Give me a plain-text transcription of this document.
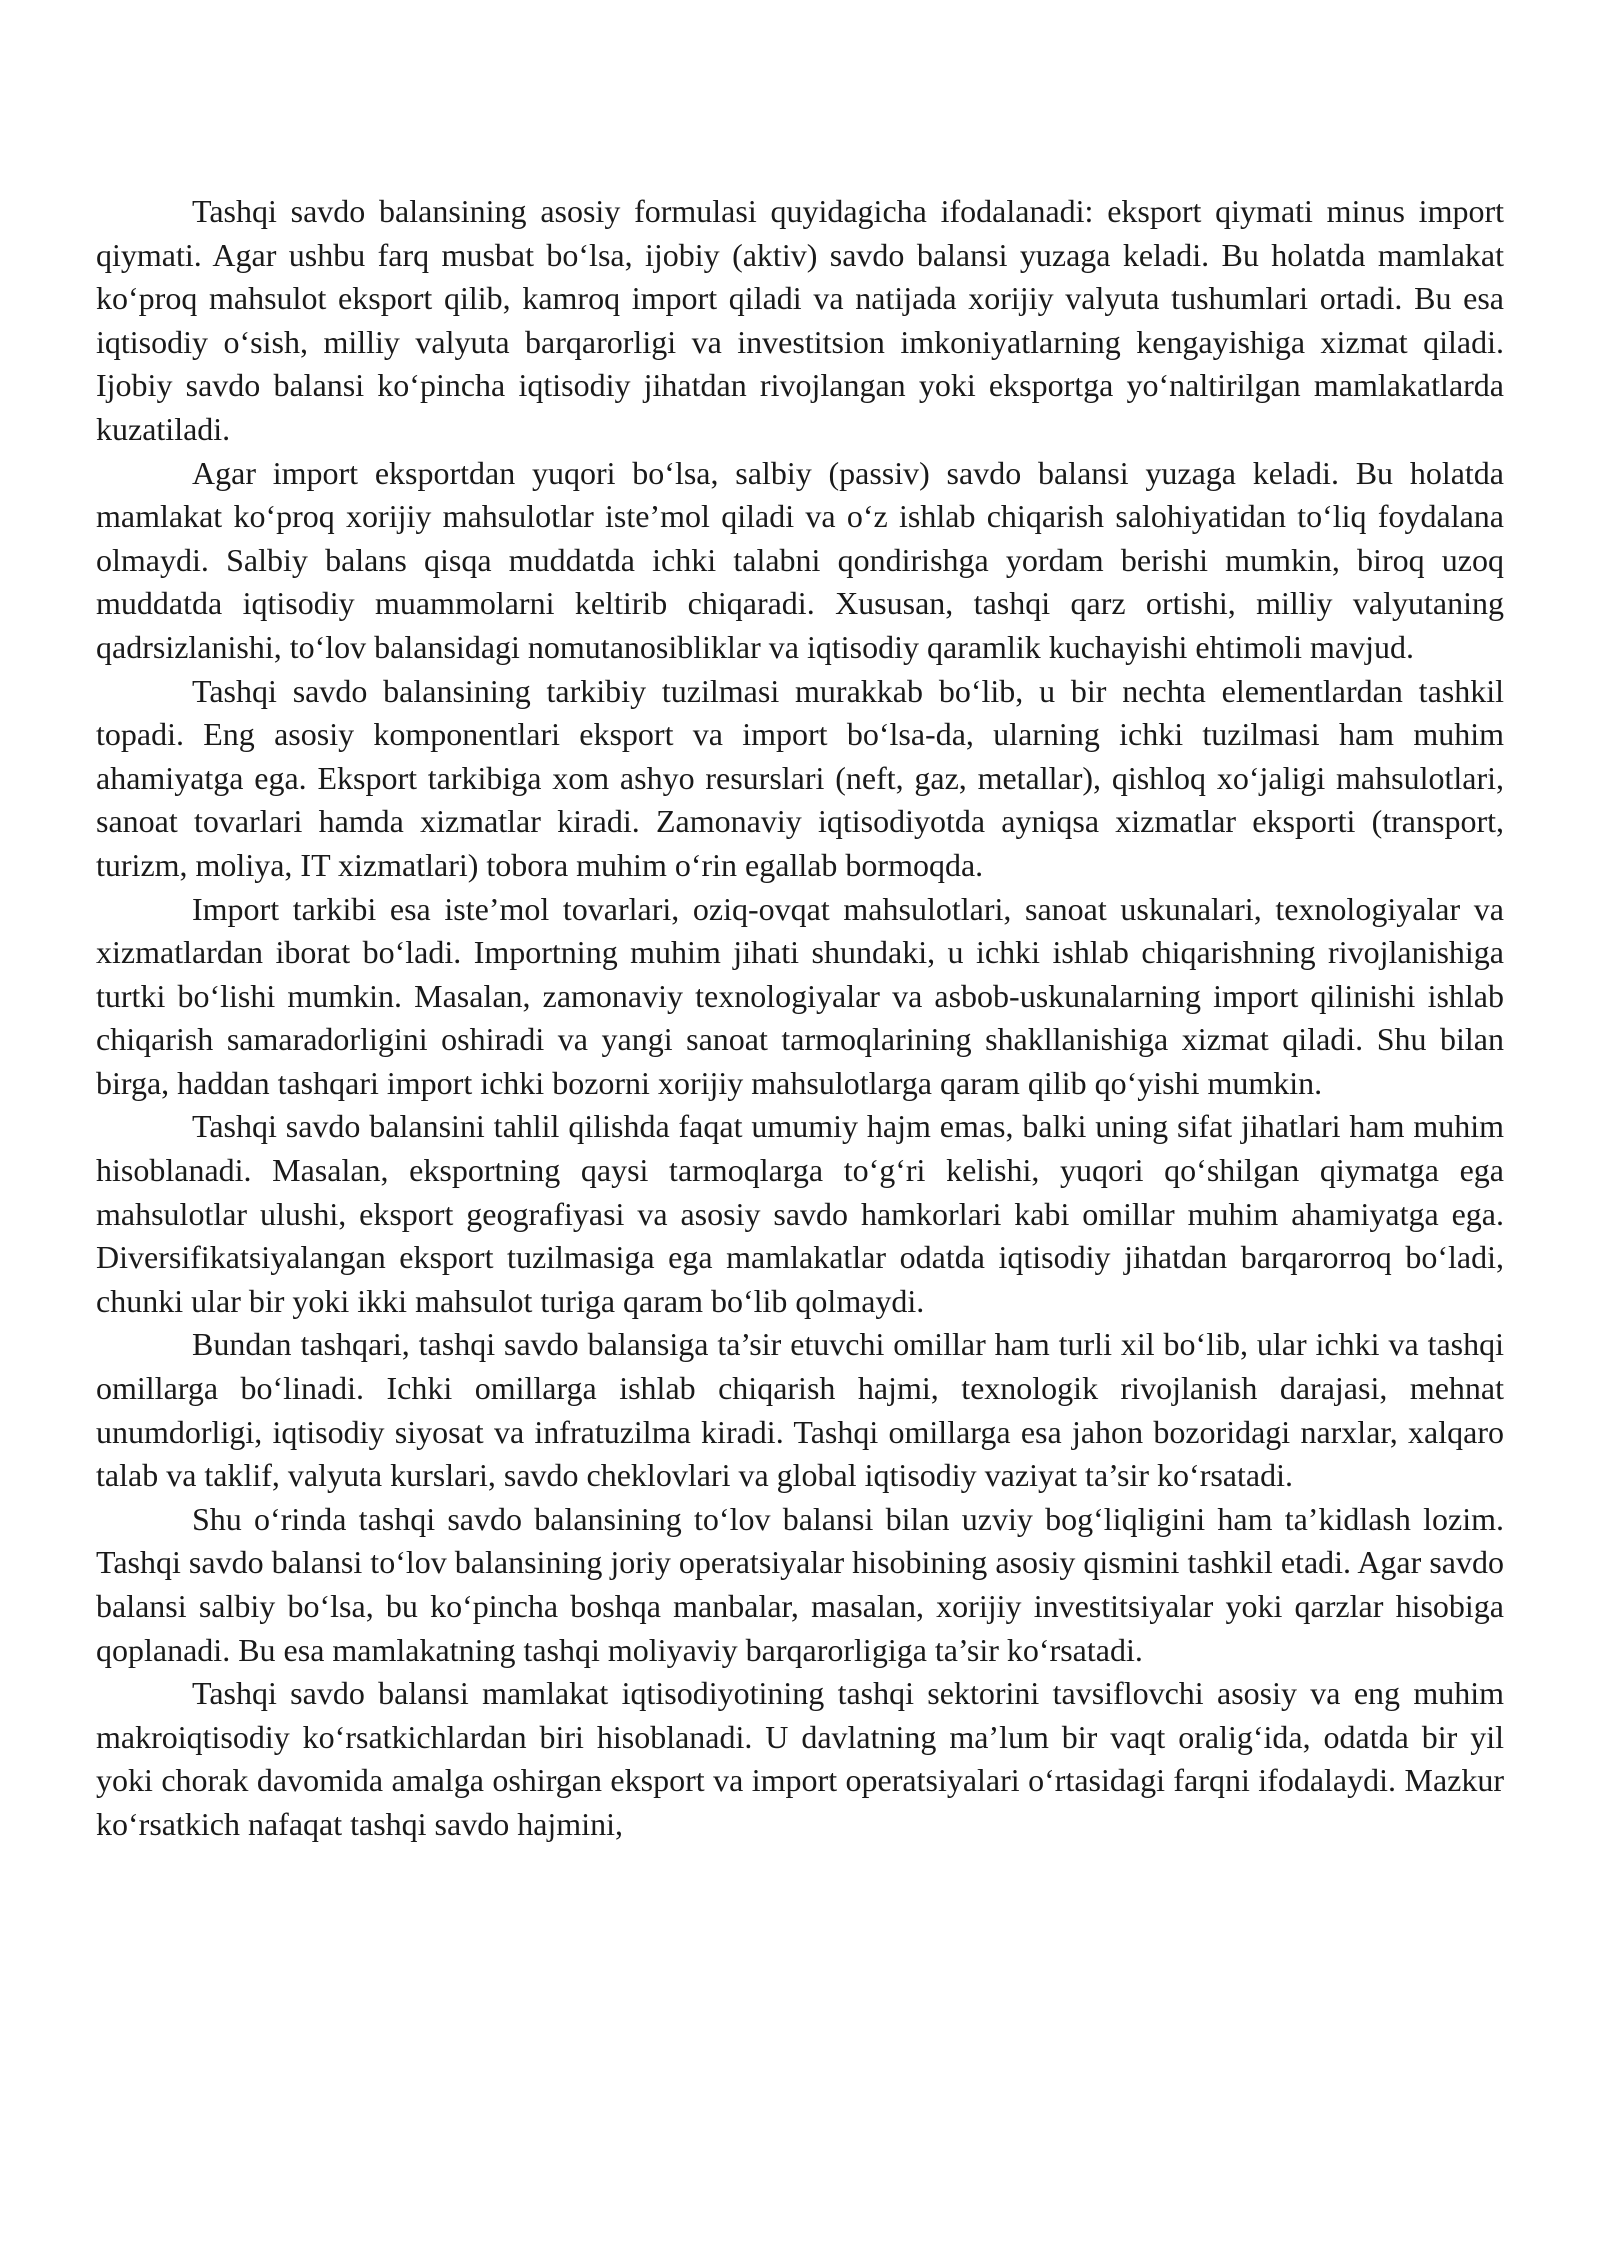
Tashqi savdo balansining asosiy formulasi quyidagicha ifodalanadi: eksport qiymati minus import qiymati. Agar ushbu farq musbat bo‘lsa, ijobiy (aktiv) savdo balansi yuzaga keladi. Bu holatda mamlakat ko‘proq mahsulot eksport qilib, kamroq import qiladi va natijada xorijiy valyuta tushumlari ortadi. Bu esa iqtisodiy o‘sish, milliy valyuta barqarorligi va investitsion imkoniyatlarning kengayishiga xizmat qiladi. Ijobiy savdo balansi ko‘pincha iqtisodiy jihatdan rivojlangan yoki eksportga yo‘naltirilgan mamlakatlarda kuzatiladi.

Agar import eksportdan yuqori bo‘lsa, salbiy (passiv) savdo balansi yuzaga keladi. Bu holatda mamlakat ko‘proq xorijiy mahsulotlar iste’mol qiladi va o‘z ishlab chiqarish salohiyatidan to‘liq foydalana olmaydi. Salbiy balans qisqa muddatda ichki talabni qondirishga yordam berishi mumkin, biroq uzoq muddatda iqtisodiy muammolarni keltirib chiqaradi. Xususan, tashqi qarz ortishi, milliy valyutaning qadrsizlanishi, to‘lov balansidagi nomutanosibliklar va iqtisodiy qaramlik kuchayishi ehtimoli mavjud.

Tashqi savdo balansining tarkibiy tuzilmasi murakkab bo‘lib, u bir nechta elementlardan tashkil topadi. Eng asosiy komponentlari eksport va import bo‘lsa-da, ularning ichki tuzilmasi ham muhim ahamiyatga ega. Eksport tarkibiga xom ashyo resurslari (neft, gaz, metallar), qishloq xo‘jaligi mahsulotlari, sanoat tovarlari hamda xizmatlar kiradi. Zamonaviy iqtisodiyotda ayniqsa xizmatlar eksporti (transport, turizm, moliya, IT xizmatlari) tobora muhim o‘rin egallab bormoqda.

Import tarkibi esa iste’mol tovarlari, oziq-ovqat mahsulotlari, sanoat uskunalari, texnologiyalar va xizmatlardan iborat bo‘ladi. Importning muhim jihati shundaki, u ichki ishlab chiqarishning rivojlanishiga turtki bo‘lishi mumkin. Masalan, zamonaviy texnologiyalar va asbob-uskunalarning import qilinishi ishlab chiqarish samaradorligini oshiradi va yangi sanoat tarmoqlarining shakllanishiga xizmat qiladi. Shu bilan birga, haddan tashqari import ichki bozorni xorijiy mahsulotlarga qaram qilib qo‘yishi mumkin.

Tashqi savdo balansini tahlil qilishda faqat umumiy hajm emas, balki uning sifat jihatlari ham muhim hisoblanadi. Masalan, eksportning qaysi tarmoqlarga to‘g‘ri kelishi, yuqori qo‘shilgan qiymatga ega mahsulotlar ulushi, eksport geografiyasi va asosiy savdo hamkorlari kabi omillar muhim ahamiyatga ega. Diversifikatsiyalangan eksport tuzilmasiga ega mamlakatlar odatda iqtisodiy jihatdan barqarorroq bo‘ladi, chunki ular bir yoki ikki mahsulot turiga qaram bo‘lib qolmaydi.

Bundan tashqari, tashqi savdo balansiga ta’sir etuvchi omillar ham turli xil bo‘lib, ular ichki va tashqi omillarga bo‘linadi. Ichki omillarga ishlab chiqarish hajmi, texnologik rivojlanish darajasi, mehnat unumdorligi, iqtisodiy siyosat va infratuzilma kiradi. Tashqi omillarga esa jahon bozoridagi narxlar, xalqaro talab va taklif, valyuta kurslari, savdo cheklovlari va global iqtisodiy vaziyat ta’sir ko‘rsatadi.

Shu o‘rinda tashqi savdo balansining to‘lov balansi bilan uzviy bog‘liqligini ham ta’kidlash lozim. Tashqi savdo balansi to‘lov balansining joriy operatsiyalar hisobining asosiy qismini tashkil etadi. Agar savdo balansi salbiy bo‘lsa, bu ko‘pincha boshqa manbalar, masalan, xorijiy investitsiyalar yoki qarzlar hisobiga qoplanadi. Bu esa mamlakatning tashqi moliyaviy barqarorligiga ta’sir ko‘rsatadi.

Tashqi savdo balansi mamlakat iqtisodiyotining tashqi sektorini tavsiflovchi asosiy va eng muhim makroiqtisodiy ko‘rsatkichlardan biri hisoblanadi. U davlatning ma’lum bir vaqt oralig‘ida, odatda bir yil yoki chorak davomida amalga oshirgan eksport va import operatsiyalari o‘rtasidagi farqni ifodalaydi. Mazkur ko‘rsatkich nafaqat tashqi savdo hajmini,
